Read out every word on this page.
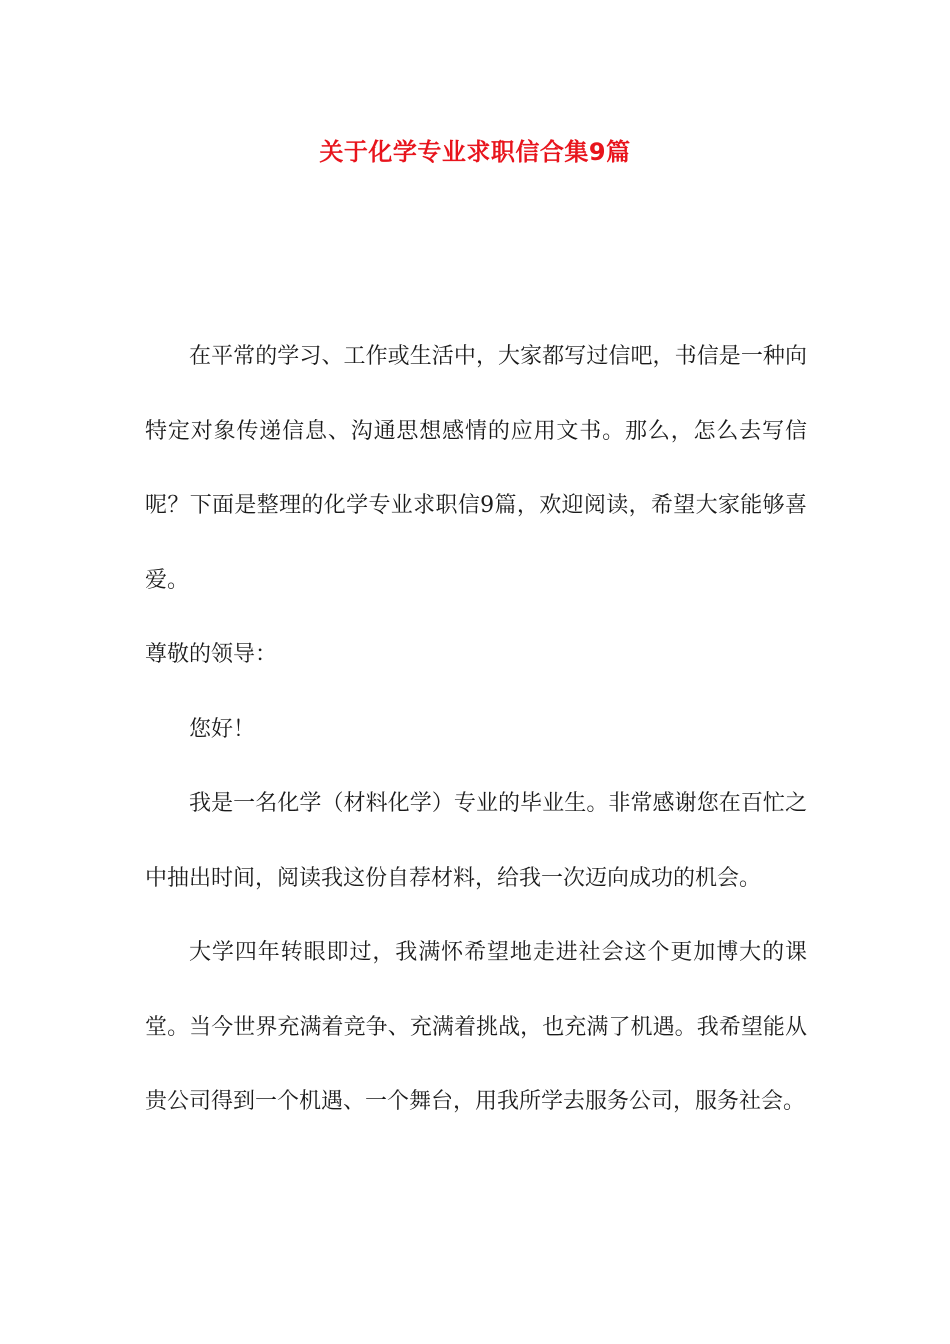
关于化学专业求职信合集9篇

在平常的学习、工作或生活中，大家都写过信吧，书信是一种向特定对象传递信息、沟通思想感情的应用文书。那么，怎么去写信呢？下面是整理的化学专业求职信9篇，欢迎阅读，希望大家能够喜爱。

尊敬的领导：

您好！

我是一名化学（材料化学）专业的毕业生。非常感谢您在百忙之中抽出时间，阅读我这份自荐材料，给我一次迈向成功的机会。

大学四年转眼即过，我满怀希望地走进社会这个更加博大的课堂。当今世界充满着竞争、充满着挑战，也充满了机遇。我希望能从贵公司得到一个机遇、一个舞台，用我所学去服务公司，服务社会。
